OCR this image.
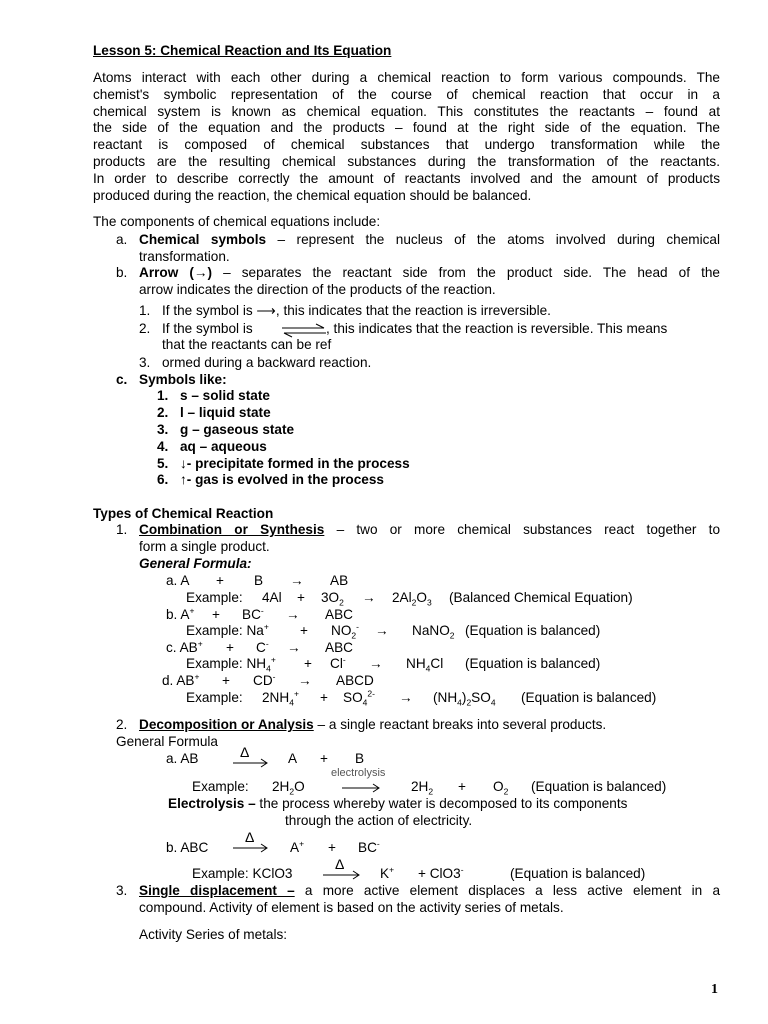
Lesson 5: Chemical Reaction and Its Equation
Atoms interact with each other during a chemical reaction to form various compounds. The
chemist's symbolic representation of the course of chemical reaction that occur in a
chemical system is known as chemical equation. This constitutes the reactants – found at
the side of the equation and the products – found at the right side of the equation. The
reactant is composed of chemical substances that undergo transformation while the
products are the resulting chemical substances during the transformation of the reactants.
In order to describe correctly the amount of reactants involved and the amount of products
produced during the reaction, the chemical equation should be balanced.
The components of chemical equations include:
a. Chemical symbols – represent the nucleus of the atoms involved during chemical
transformation.
b. Arrow (→) – separates the reactant side from the product side. The head of the
arrow indicates the direction of the products of the reaction.
1. If the symbol is ⟶, this indicates that the reaction is irreversible.
2. If the symbol is	, this indicates that the reaction is reversible. This means
that the reactants can be ref
3. ormed during a backward reaction.
c. Symbols like:
1. s – solid state
2. l – liquid state
3. g – gaseous state
4. aq – aqueous
5. ↓- precipitate formed in the process
6. ↑- gas is evolved in the process
Types of Chemical Reaction
1. Combination or Synthesis – two or more chemical substances react together to
form a single product.
General Formula:
a. A + B → AB
Example: $4Al + 3O_2 \to 2Al_2O_3$ (Balanced Chemical Equation)
b. A+ + BC- → ABC
Example: $Na^+ + NO_2^-$ → NaNO$_2$ (Equation is balanced)
c. AB+ + C- → ABC
Example: $NH_4^+ + Cl^- \to NH_4Cl$ (Equation is balanced)
d. AB+ + CD- → ABCD
Example: $2NH_4^+ + SO_4^{2-} \to (NH_4)_2SO_4$ (Equation is balanced)
2. Decomposition or Analysis – a single reactant breaks into several products.
General Formula
a. AB	Δ	A + B
electrolysis
Example: $2H_2O$	$2H_2 + O_2$ (Equation is balanced)
Electrolysis – the process whereby water is decomposed to its components
through the action of electricity.
b. ABC
Δ
A+ + BC-
Example: KClO3
Δ
K+ + ClO3-	(Equation is balanced)
3. Single displacement – a more active element displaces a less active element in a
compound. Activity of element is based on the activity series of metals.
Activity Series of metals:
1
